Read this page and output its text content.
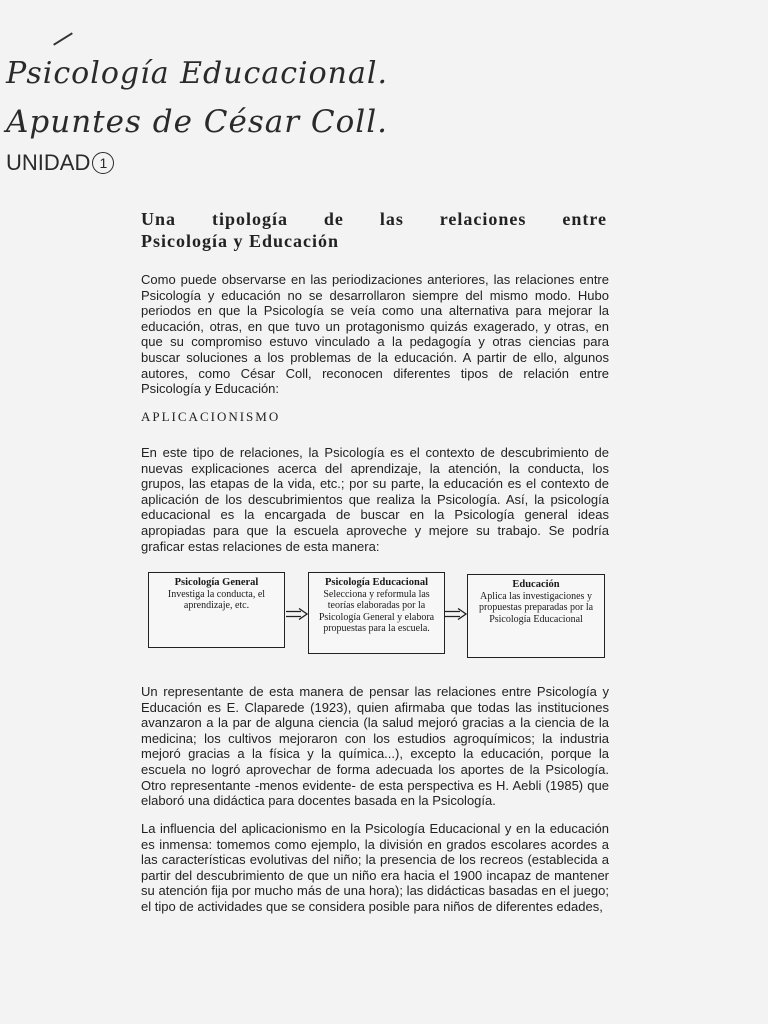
Psicología Educacional.
Apuntes de César Coll.
UNIDAD 1
Una tipología de las relaciones entre
Psicología y Educación
Como puede observarse en las periodizaciones anteriores, las relaciones entre Psicología y educación no se desarrollaron siempre del mismo modo. Hubo periodos en que la Psicología se veía como una alternativa para mejorar la educación, otras, en que tuvo un protagonismo quizás exagerado, y otras, en que su compromiso estuvo vinculado a la pedagogía y otras ciencias para buscar soluciones a los problemas de la educación. A partir de ello, algunos autores, como César Coll, reconocen diferentes tipos de relación entre Psicología y Educación:
APLICACIONISMO
En este tipo de relaciones, la Psicología es el contexto de descubrimiento de nuevas explicaciones acerca del aprendizaje, la atención, la conducta, los grupos, las etapas de la vida, etc.; por su parte, la educación es el contexto de aplicación de los descubrimientos que realiza la Psicología. Así, la psicología educacional es la encargada de buscar en la Psicología general ideas apropiadas para que la escuela aproveche y mejore su trabajo. Se podría graficar estas relaciones de esta manera:
Psicología General
Investiga la conducta, el aprendizaje, etc.
Psicología Educacional
Selecciona y reformula las teorías elaboradas por la Psicología General y elabora propuestas para la escuela.
Educación
Aplica las investigaciones y propuestas preparadas por la Psicología Educacional
Un representante de esta manera de pensar las relaciones entre Psicología y Educación es E. Claparede (1923), quien afirmaba que todas las instituciones avanzaron a la par de alguna ciencia (la salud mejoró gracias a la ciencia de la medicina; los cultivos mejoraron con los estudios agroquímicos; la industria mejoró gracias a la física y la química...), excepto la educación, porque la escuela no logró aprovechar de forma adecuada los aportes de la Psicología. Otro representante -menos evidente- de esta perspectiva es H. Aebli (1985) que elaboró una didáctica para docentes basada en la Psicología.
La influencia del aplicacionismo en la Psicología Educacional y en la educación es inmensa: tomemos como ejemplo, la división en grados escolares acordes a las características evolutivas del niño; la presencia de los recreos (establecida a partir del descubrimiento de que un niño era hacia el 1900 incapaz de mantener su atención fija por mucho más de una hora); las didácticas basadas en el juego; el tipo de actividades que se considera posible para niños de diferentes edades,
